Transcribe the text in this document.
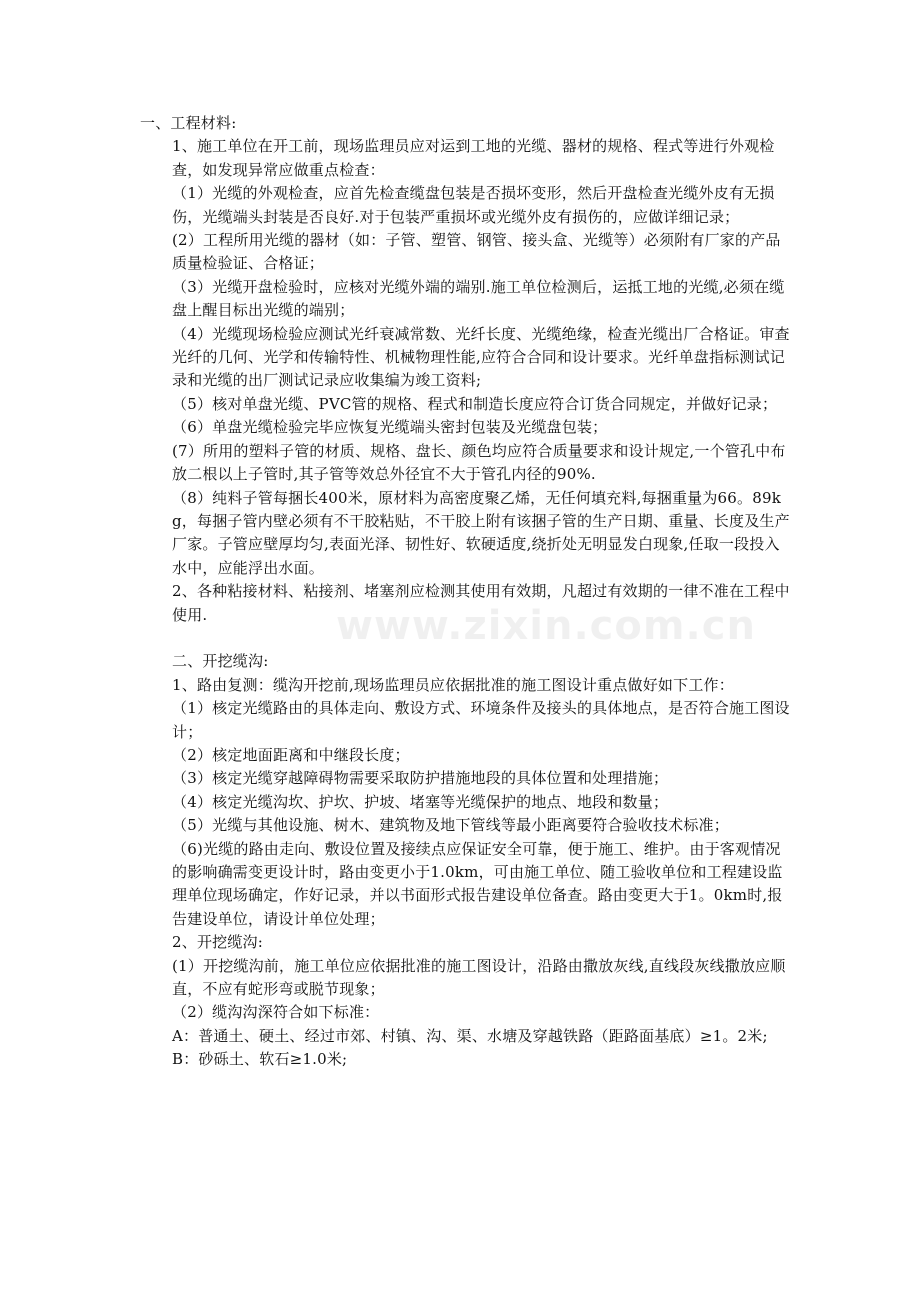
一、工程材料:

1、施工单位在开工前，现场监理员应对运到工地的光缆、器材的规格、程式等进行外观检查，如发现异常应做重点检查：

（1）光缆的外观检查，应首先检查缆盘包装是否损坏变形，然后开盘检查光缆外皮有无损伤，光缆端头封装是否良好.对于包装严重损坏或光缆外皮有损伤的，应做详细记录；

(2）工程所用光缆的器材（如：子管、塑管、钢管、接头盒、光缆等）必须附有厂家的产品质量检验证、合格证；

（3）光缆开盘检验时，应核对光缆外端的端别.施工单位检测后，运抵工地的光缆,必须在缆盘上醒目标出光缆的端别；

（4）光缆现场检验应测试光纤衰减常数、光纤长度、光缆绝缘，检查光缆出厂合格证。审查光纤的几何、光学和传输特性、机械物理性能,应符合合同和设计要求。光纤单盘指标测试记录和光缆的出厂测试记录应收集编为竣工资料;

（5）核对单盘光缆、PVC管的规格、程式和制造长度应符合订货合同规定，并做好记录；

（6）单盘光缆检验完毕应恢复光缆端头密封包装及光缆盘包装；

(7）所用的塑料子管的材质、规格、盘长、颜色均应符合质量要求和设计规定,一个管孔中布放二根以上子管时,其子管等效总外径宜不大于管孔内径的90%.

（8）纯料子管每捆长400米，原材料为高密度聚乙烯，无任何填充料,每捆重量为66。89kg，每捆子管内壁必须有不干胶粘贴，不干胶上附有该捆子管的生产日期、重量、长度及生产厂家。子管应壁厚均匀,表面光泽、韧性好、软硬适度,绕折处无明显发白现象,任取一段投入水中，应能浮出水面。

2、各种粘接材料、粘接剂、堵塞剂应检测其使用有效期，凡超过有效期的一律不准在工程中使用.

二、开挖缆沟:

1、路由复测：缆沟开挖前,现场监理员应依据批准的施工图设计重点做好如下工作：

（1）核定光缆路由的具体走向、敷设方式、环境条件及接头的具体地点，是否符合施工图设计；

（2）核定地面距离和中继段长度；

（3）核定光缆穿越障碍物需要采取防护措施地段的具体位置和处理措施；

（4）核定光缆沟坎、护坎、护坡、堵塞等光缆保护的地点、地段和数量；

（5）光缆与其他设施、树木、建筑物及地下管线等最小距离要符合验收技术标准；

（6)光缆的路由走向、敷设位置及接续点应保证安全可靠，便于施工、维护。由于客观情况的影响确需变更设计时，路由变更小于1.0km，可由施工单位、随工验收单位和工程建设监理单位现场确定，作好记录，并以书面形式报告建设单位备查。路由变更大于1。0km时,报告建设单位，请设计单位处理；

2、开挖缆沟:

(1）开挖缆沟前，施工单位应依据批准的施工图设计，沿路由撒放灰线,直线段灰线撒放应顺直，不应有蛇形弯或脱节现象；

（2）缆沟沟深符合如下标准：

A：普通土、硬土、经过市郊、村镇、沟、渠、水塘及穿越铁路（距路面基底）≥1。2米;

B：砂砾土、软石≥1.0米;

www.zixin.com.cn
